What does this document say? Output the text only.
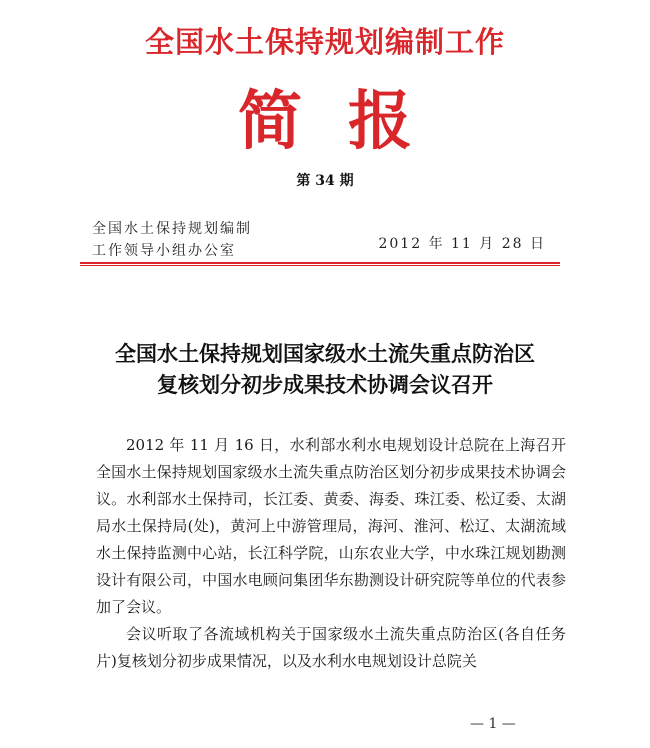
全国水土保持规划编制工作
简报
第 34 期
全国水土保持规划编制
工作领导小组办公室	2012 年 11 月 28 日
全国水土保持规划国家级水土流失重点防治区
复核划分初步成果技术协调会议召开

2012 年 11 月 16 日，水利部水利水电规划设计总院在上海召开全国水土保持规划国家级水土流失重点防治区划分初步成果技术协调会议。水利部水土保持司，长江委、黄委、海委、珠江委、松辽委、太湖局水土保持局(处)，黄河上中游管理局，海河、淮河、松辽、太湖流域水土保持监测中心站，长江科学院，山东农业大学，中水珠江规划勘测设计有限公司，中国水电顾问集团华东勘测设计研究院等单位的代表参加了会议。

会议听取了各流域机构关于国家级水土流失重点防治区(各自任务片)复核划分初步成果情况，以及水利水电规划设计总院关

— 1 —
